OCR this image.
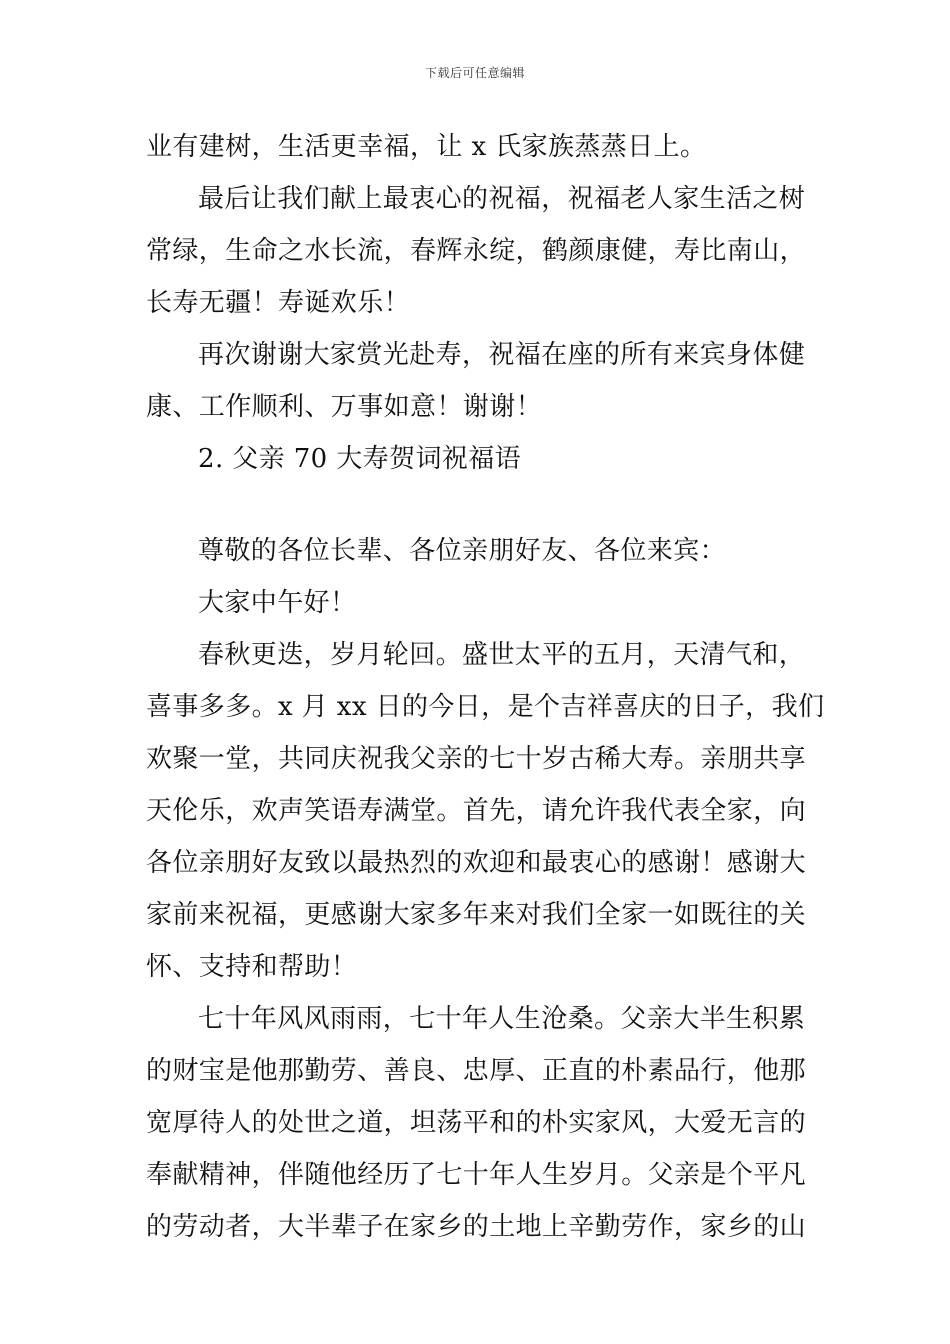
下载后可任意编辑
业有建树，生活更幸福，让 x 氏家族蒸蒸日上。
最后让我们献上最衷心的祝福，祝福老人家生活之树
常绿，生命之水长流，春辉永绽，鹤颜康健，寿比南山，
长寿无疆！寿诞欢乐！
再次谢谢大家赏光赴寿，祝福在座的所有来宾身体健
康、工作顺利、万事如意！谢谢！
2. 父亲 70 大寿贺词祝福语
尊敬的各位长辈、各位亲朋好友、各位来宾：
大家中午好！
春秋更迭，岁月轮回。盛世太平的五月，天清气和，
喜事多多。x 月 xx 日的今日，是个吉祥喜庆的日子，我们
欢聚一堂，共同庆祝我父亲的七十岁古稀大寿。亲朋共享
天伦乐，欢声笑语寿满堂。首先，请允许我代表全家，向
各位亲朋好友致以最热烈的欢迎和最衷心的感谢！感谢大
家前来祝福，更感谢大家多年来对我们全家一如既往的关
怀、支持和帮助！
七十年风风雨雨，七十年人生沧桑。父亲大半生积累
的财宝是他那勤劳、善良、忠厚、正直的朴素品行，他那
宽厚待人的处世之道，坦荡平和的朴实家风，大爱无言的
奉献精神，伴随他经历了七十年人生岁月。父亲是个平凡
的劳动者，大半辈子在家乡的土地上辛勤劳作，家乡的山
